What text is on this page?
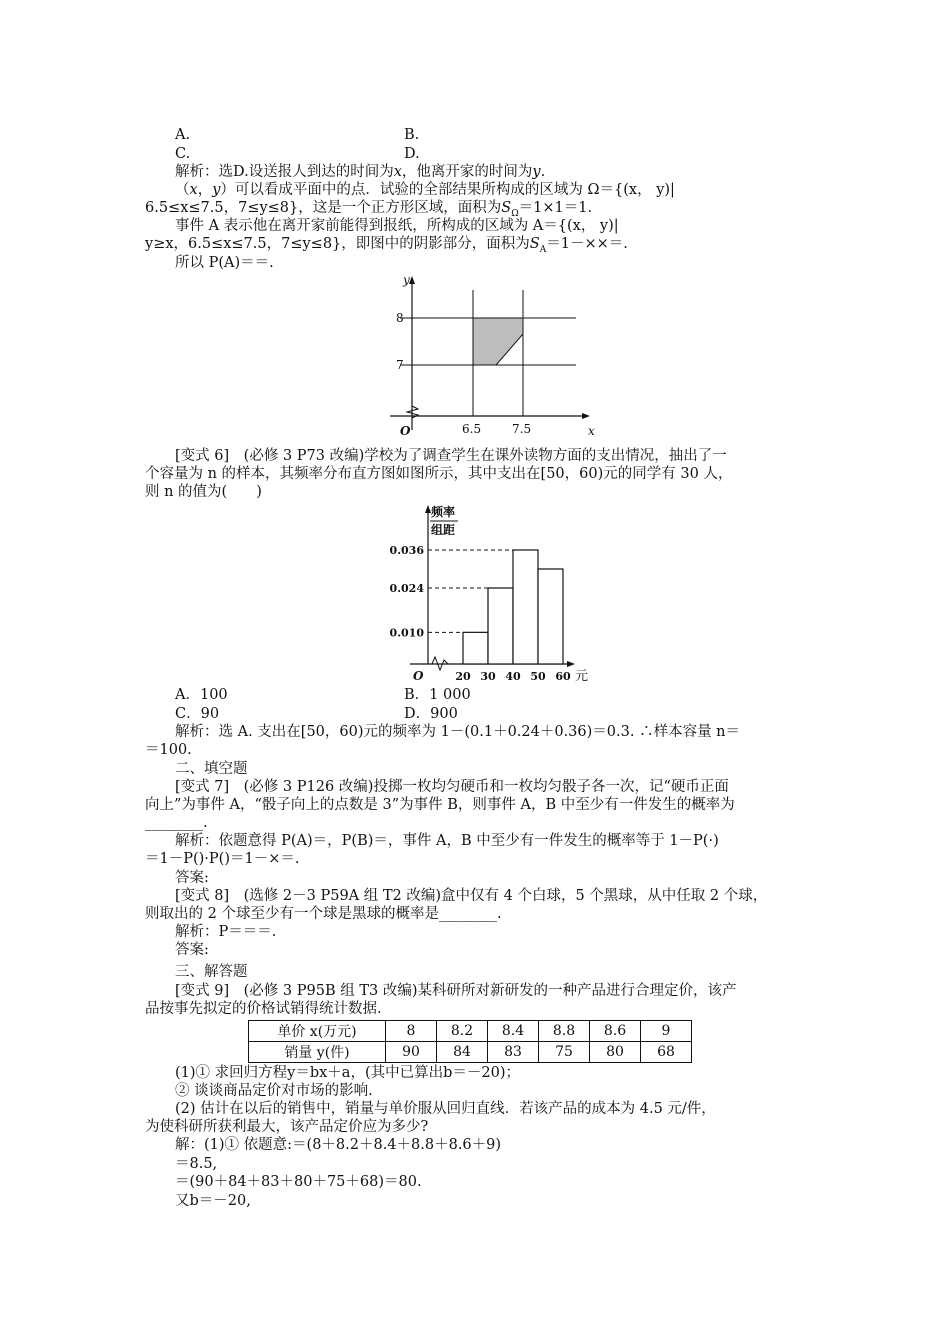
A.	B.
C.	D.
解析：选D.设送报人到达的时间为x，他离开家的时间为y.
（x，y）可以看成平面中的点．试验的全部结果所构成的区域为 Ω＝{(x， y)|
6.5≤x≤7.5，7≤y≤8}，这是一个正方形区域，面积为$S_\Omega=1\times 1=1$.
事件 A 表示他在离开家前能得到报纸，所构成的区域为 A＝{(x， y)|
y≥x，6.5≤x≤7.5，7≤y≤8}，即图中的阴影部分，面积为$S_A=1-\times\times=$.
所以 P(A)＝＝.
y
x
O
8
7
6.5	7.5
[变式 6]　 (必修 3 P73 改编)学校为了调查学生在课外读物方面的支出情况，抽出了一
个容量为 n 的样本，其频率分布直方图如图所示，其中支出在[50，60)元的同学有 30 人，
则 n 的值为(　　)
频率
组距
元
O
0.036
0.024
0.010
20 30 40 50 60
A．100	B．1 000
C．90	D．900
解析：选 A. 支出在[50，60)元的频率为 1－(0.1＋0.24＋0.36)＝0.3. ∴样本容量 n＝
＝100.
二、填空题
[变式 7]　(必修 3 P126 改编)投掷一枚均匀硬币和一枚均匀骰子各一次，记“硬币正面
向上”为事件 A，“骰子向上的点数是 3”为事件 B，则事件 A，B 中至少有一件发生的概率为
________.
解析：依题意得 P(A)＝，P(B)＝，事件 A，B 中至少有一件发生的概率等于 1－P(·)
＝1－P()·P()＝1－×＝.
答案:
[变式 8]　(选修 2－3 P59A 组 T2 改编)盒中仅有 4 个白球，5 个黑球，从中任取 2 个球，
则取出的 2 个球至少有一个球是黑球的概率是________.
解析：P＝＝＝.
答案:
三、解答题
[变式 9]　(必修 3 P95B 组 T3 改编)某科研所对新研发的一种产品进行合理定价，该产
品按事先拟定的价格试销得统计数据.
单价 x(万元)	8	8.2	8.4	8.8	8.6	9
销量 y(件)	90	84	83	75	80	68
(1)① 求回归方程y＝bx＋a，(其中已算出b＝－20)；
② 谈谈商品定价对市场的影响.
(2) 估计在以后的销售中，销量与单价服从回归直线．若该产品的成本为 4.5 元/件，
为使科研所获利最大，该产品定价应为多少?
解：(1)① 依题意:＝(8＋8.2＋8.4＋8.8＋8.6＋9)
＝8.5,
＝(90＋84＋83＋80＋75＋68)＝80.
又b＝－20,
